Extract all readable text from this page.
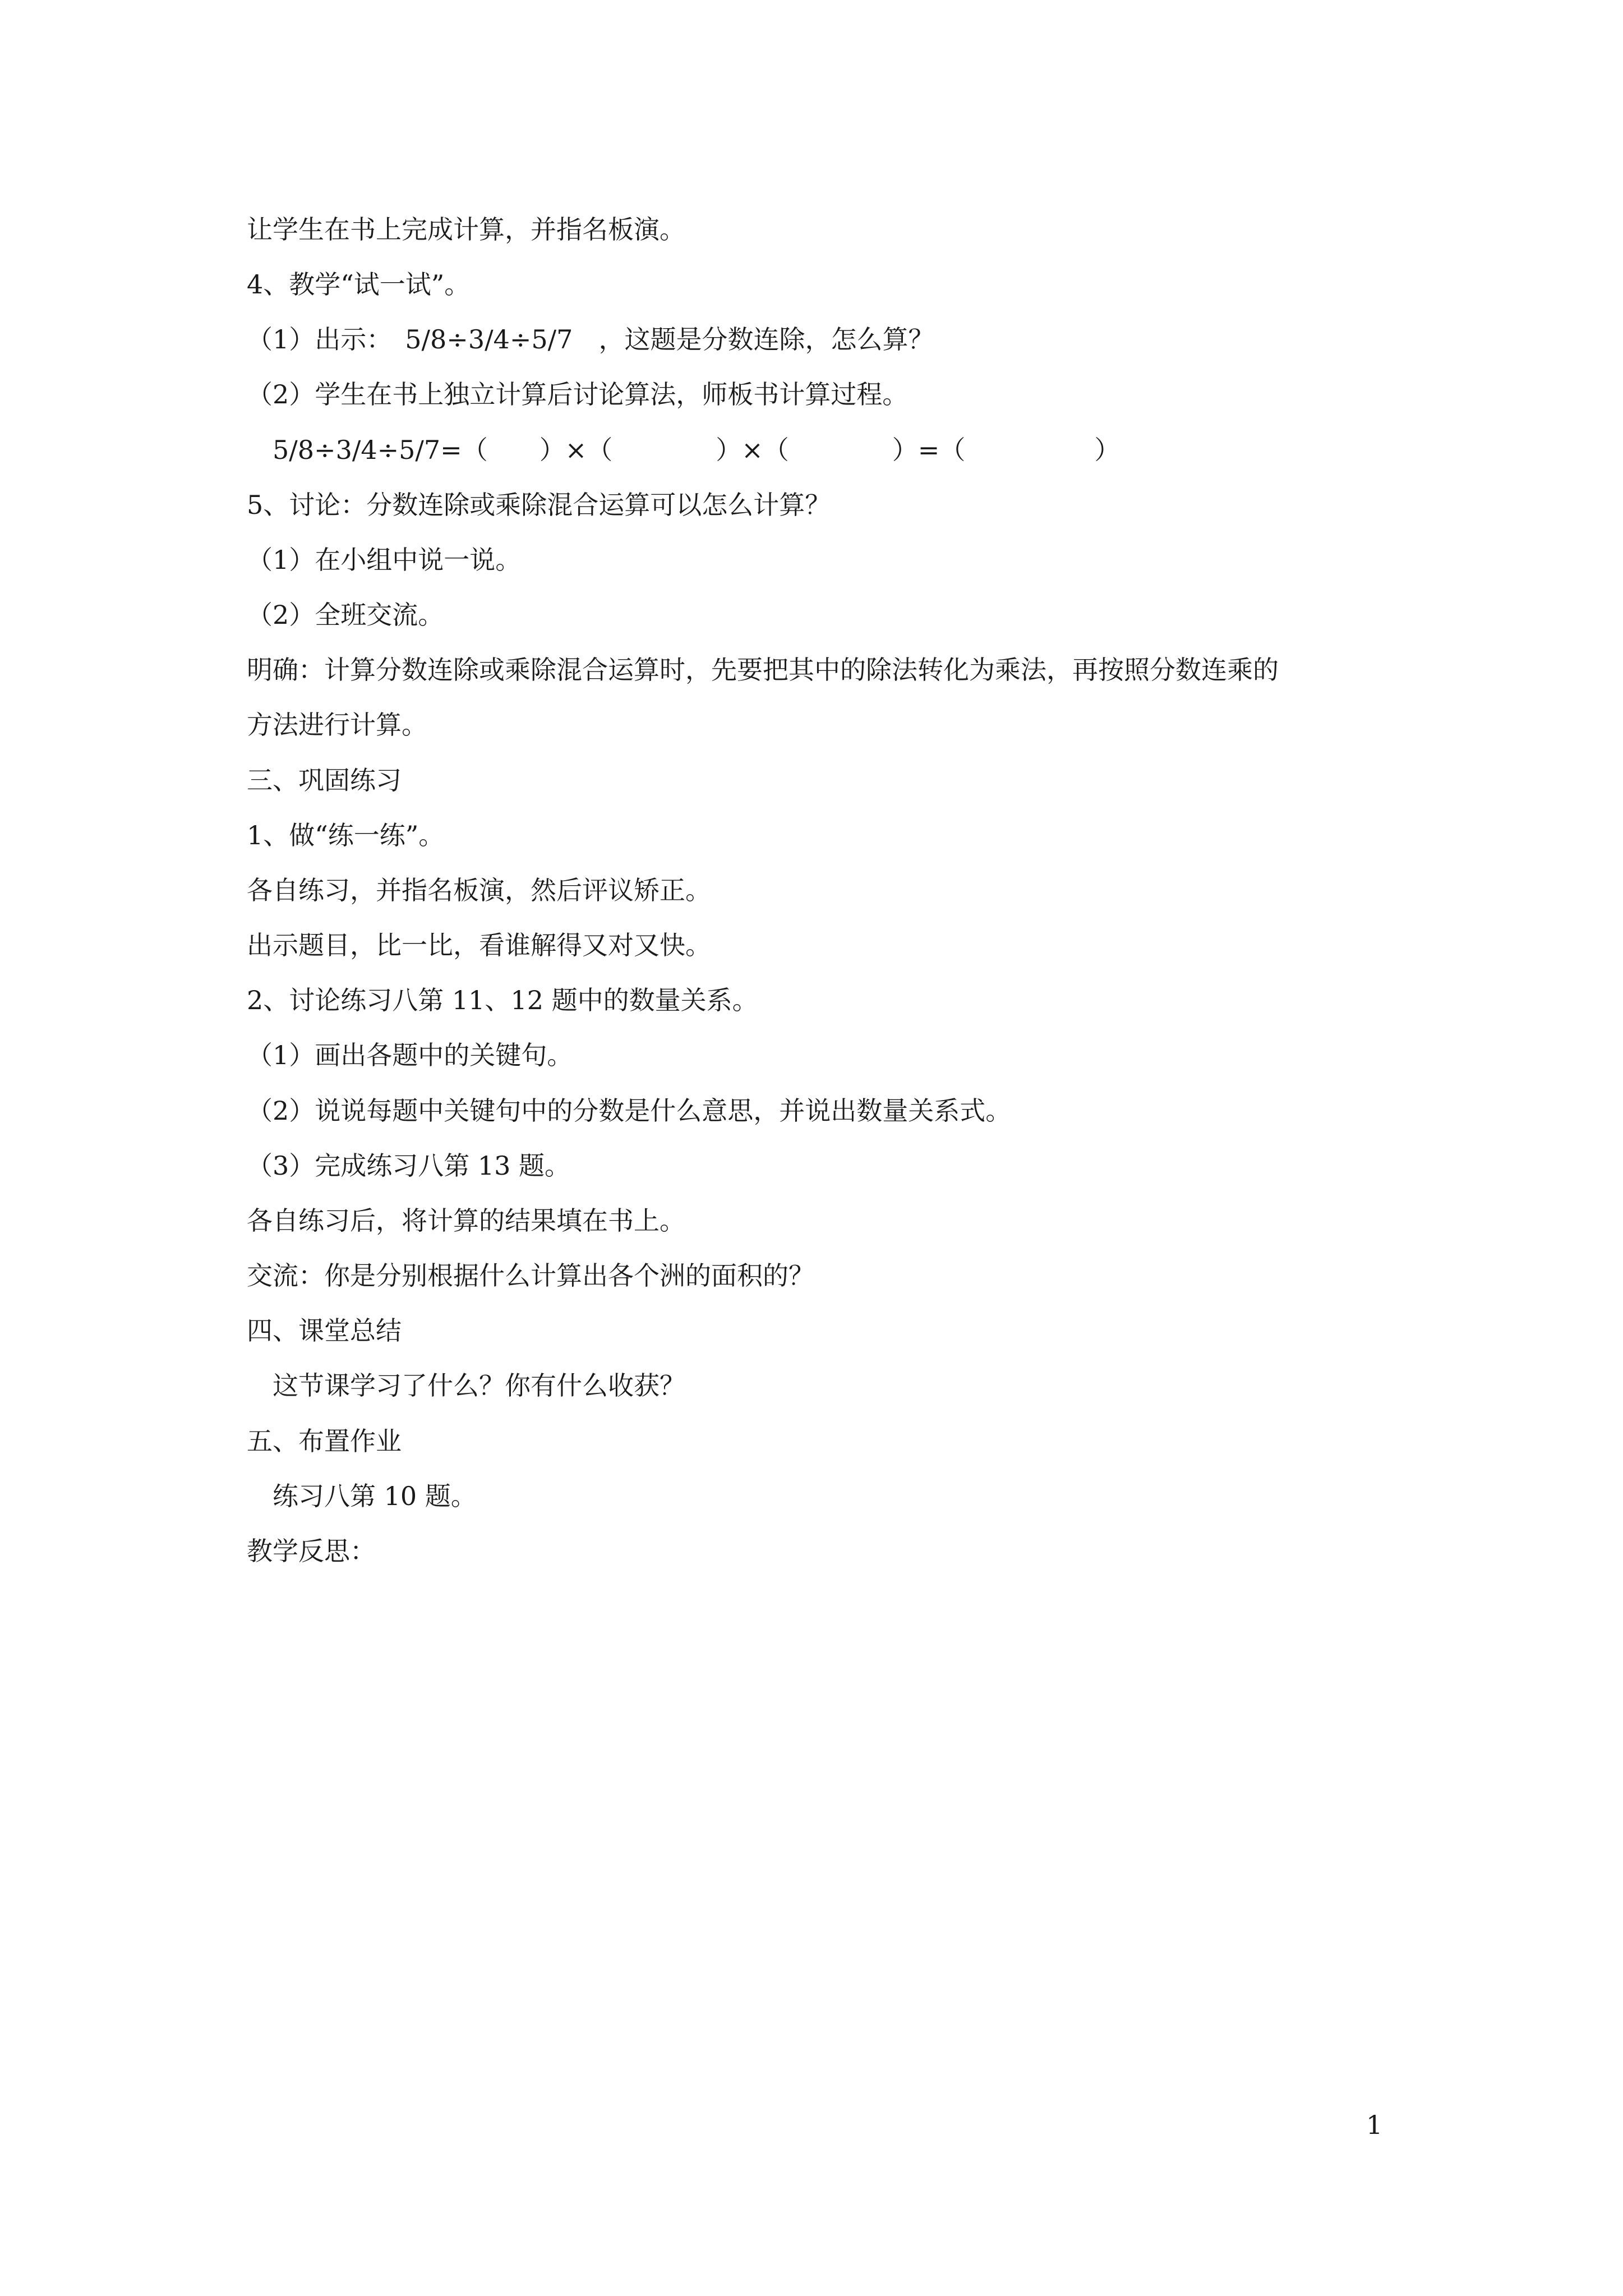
让学生在书上完成计算，并指名板演。
4、教学“试一试”。
（1）出示：　5/8÷3/4÷5/7　，这题是分数连除，怎么算？
（2）学生在书上独立计算后讨论算法，师板书计算过程。
　5/8÷3/4÷5/7=（　　）×（　　　　）×（　　　　）=（　　　　　）
5、讨论：分数连除或乘除混合运算可以怎么计算？
（1）在小组中说一说。
（2）全班交流。
明确：计算分数连除或乘除混合运算时，先要把其中的除法转化为乘法，再按照分数连乘的
方法进行计算。
三、巩固练习
1、做“练一练”。
各自练习，并指名板演，然后评议矫正。
出示题目，比一比，看谁解得又对又快。
2、讨论练习八第 11、12 题中的数量关系。
（1）画出各题中的关键句。
（2）说说每题中关键句中的分数是什么意思，并说出数量关系式。
（3）完成练习八第 13 题。
各自练习后，将计算的结果填在书上。
交流：你是分别根据什么计算出各个洲的面积的？
四、课堂总结
　这节课学习了什么？你有什么收获？
五、布置作业
　练习八第 10 题。
教学反思：
1
